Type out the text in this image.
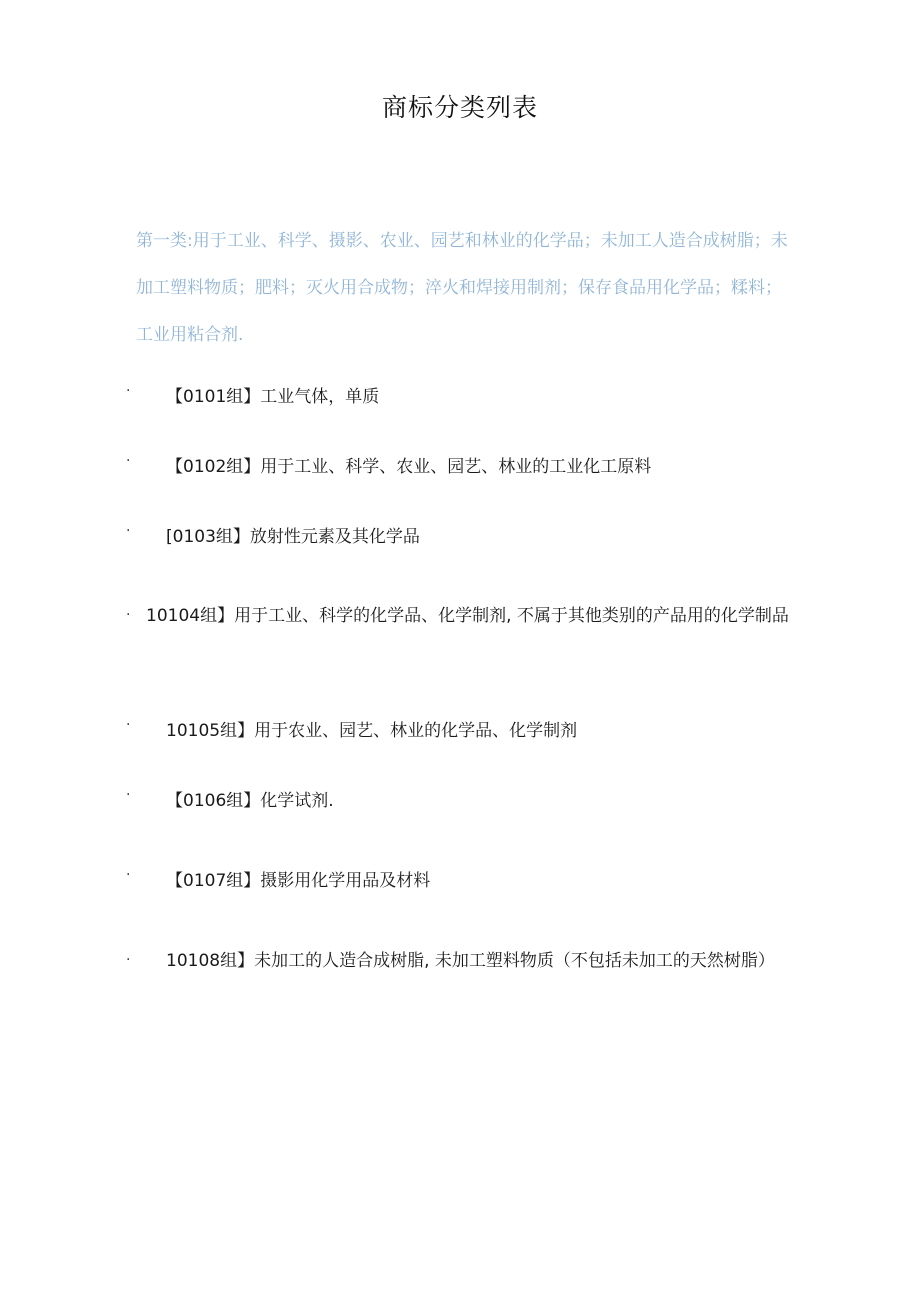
商标分类列表
第一类:用于工业、科学、摄影、农业、园艺和林业的化学品；未加工人造合成树脂；未加工塑料物质；肥料；灭火用合成物；淬火和焊接用制剂；保存食品用化学品；糅料；工业用粘合剂.
· 【0101组】工业气体，单质
· 【0102组】用于工业、科学、农业、园艺、林业的工业化工原料
· [0103组】放射性元素及其化学品
· 10104组】用于工业、科学的化学品、化学制剂, 不属于其他类别的产品用的化学制品
· 10105组】用于农业、园艺、林业的化学品、化学制剂
· 【0106组】化学试剂.
· 【0107组】摄影用化学用品及材料
·	10108组】未加工的人造合成树脂, 未加工塑料物质（不包括未加工的天然树脂）
